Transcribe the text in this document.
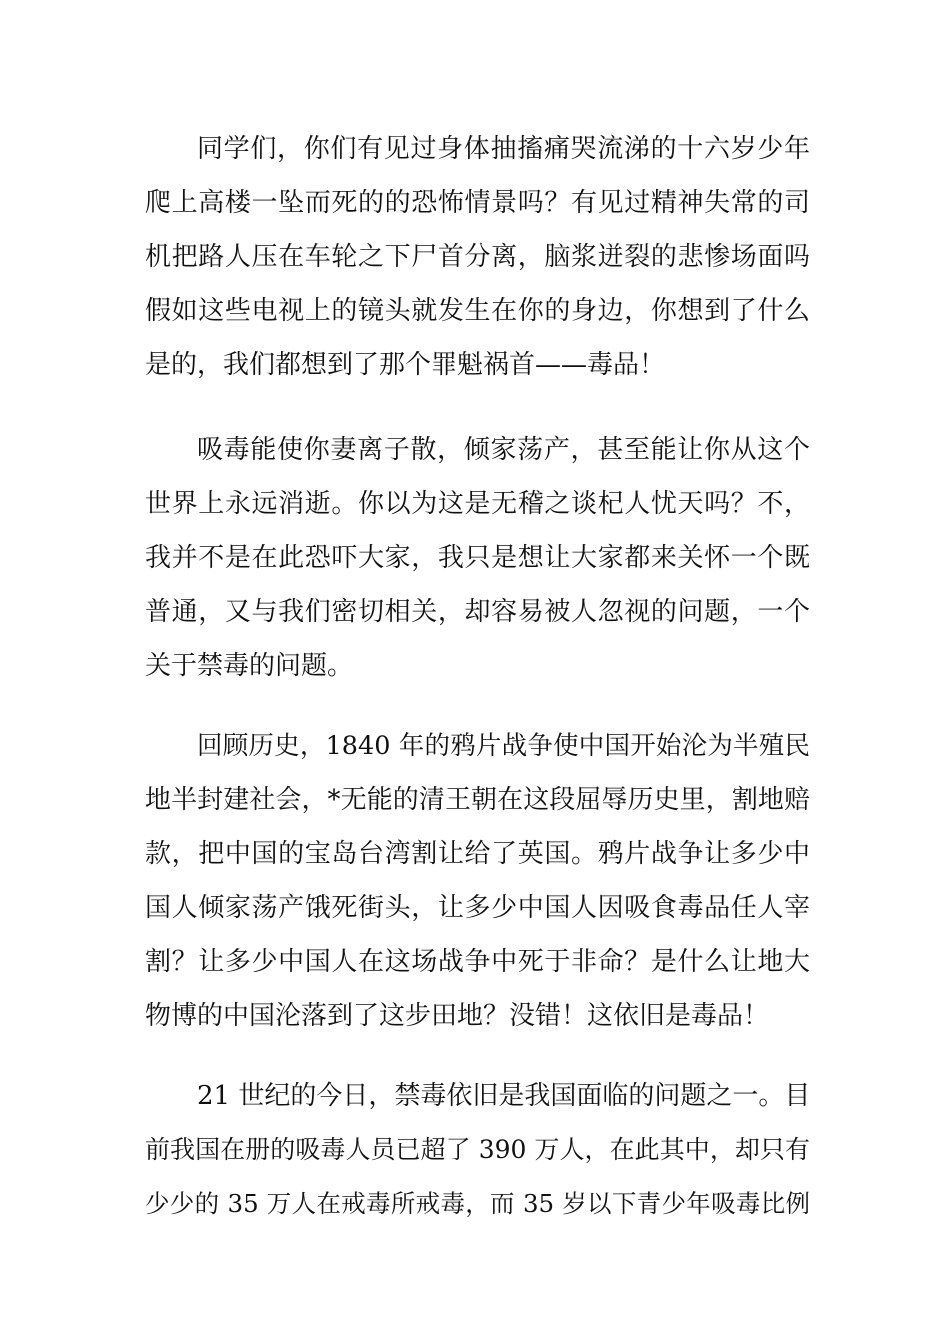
同学们，你们有见过身体抽搐痛哭流涕的十六岁少年
爬上高楼一坠而死的的恐怖情景吗？有见过精神失常的司
机把路人压在车轮之下尸首分离，脑浆迸裂的悲惨场面吗
假如这些电视上的镜头就发生在你的身边，你想到了什么
是的，我们都想到了那个罪魁祸首——毒品！
吸毒能使你妻离子散，倾家荡产，甚至能让你从这个
世界上永远消逝。你以为这是无稽之谈杞人忧天吗？不，
我并不是在此恐吓大家，我只是想让大家都来关怀一个既
普通，又与我们密切相关，却容易被人忽视的问题，一个
关于禁毒的问题。
回顾历史，1840 年的鸦片战争使中国开始沦为半殖民
地半封建社会，*无能的清王朝在这段屈辱历史里，割地赔
款，把中国的宝岛台湾割让给了英国。鸦片战争让多少中
国人倾家荡产饿死街头，让多少中国人因吸食毒品任人宰
割？让多少中国人在这场战争中死于非命？是什么让地大
物博的中国沦落到了这步田地？没错！这依旧是毒品！
21 世纪的今日，禁毒依旧是我国面临的问题之一。目
前我国在册的吸毒人员已超了 390 万人，在此其中，却只有
少少的 35 万人在戒毒所戒毒，而 35 岁以下青少年吸毒比例
